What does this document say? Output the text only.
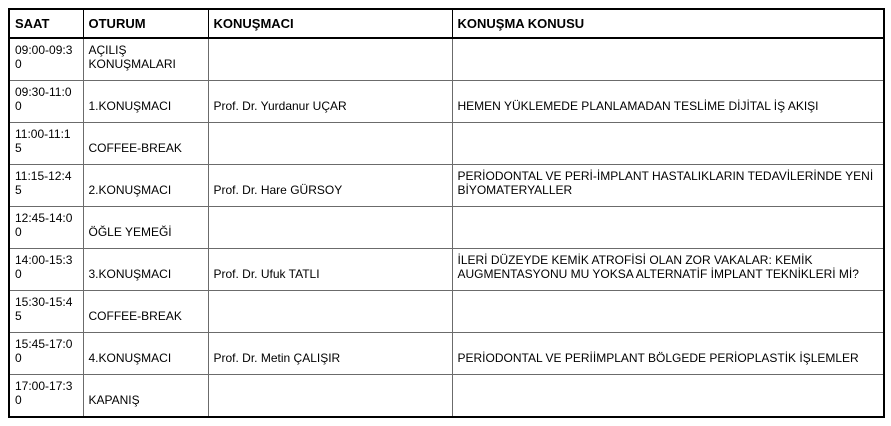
SAAT	OTURUM	KONUŞMACI	KONUŞMA KONUSU
09:00-09:30	AÇILIŞ KONUŞMALARI		
09:30-11:00	1.KONUŞMACI	Prof. Dr. Yurdanur UÇAR	HEMEN YÜKLEMEDE PLANLAMADAN TESLİME DİJİTAL İŞ AKIŞI
11:00-11:15	COFFEE-BREAK		
11:15-12:45	2.KONUŞMACI	Prof. Dr. Hare GÜRSOY	PERİODONTAL VE PERİ-İMPLANT HASTALIKLARIN TEDAVİLERİNDE YENİ BİYOMATERYALLER
12:45-14:00	ÖĞLE YEMEĞİ		
14:00-15:30	3.KONUŞMACI	Prof. Dr. Ufuk TATLI	İLERİ DÜZEYDE KEMİK ATROFİSİ OLAN ZOR VAKALAR: KEMİK AUGMENTASYONU MU YOKSA ALTERNATİF İMPLANT TEKNİKLERİ Mİ?
15:30-15:45	COFFEE-BREAK		
15:45-17:00	4.KONUŞMACI	Prof. Dr. Metin ÇALIŞIR	PERİODONTAL VE PERİİMPLANT BÖLGEDE PERİOPLASTİK İŞLEMLER
17:00-17:30	KAPANIŞ		
